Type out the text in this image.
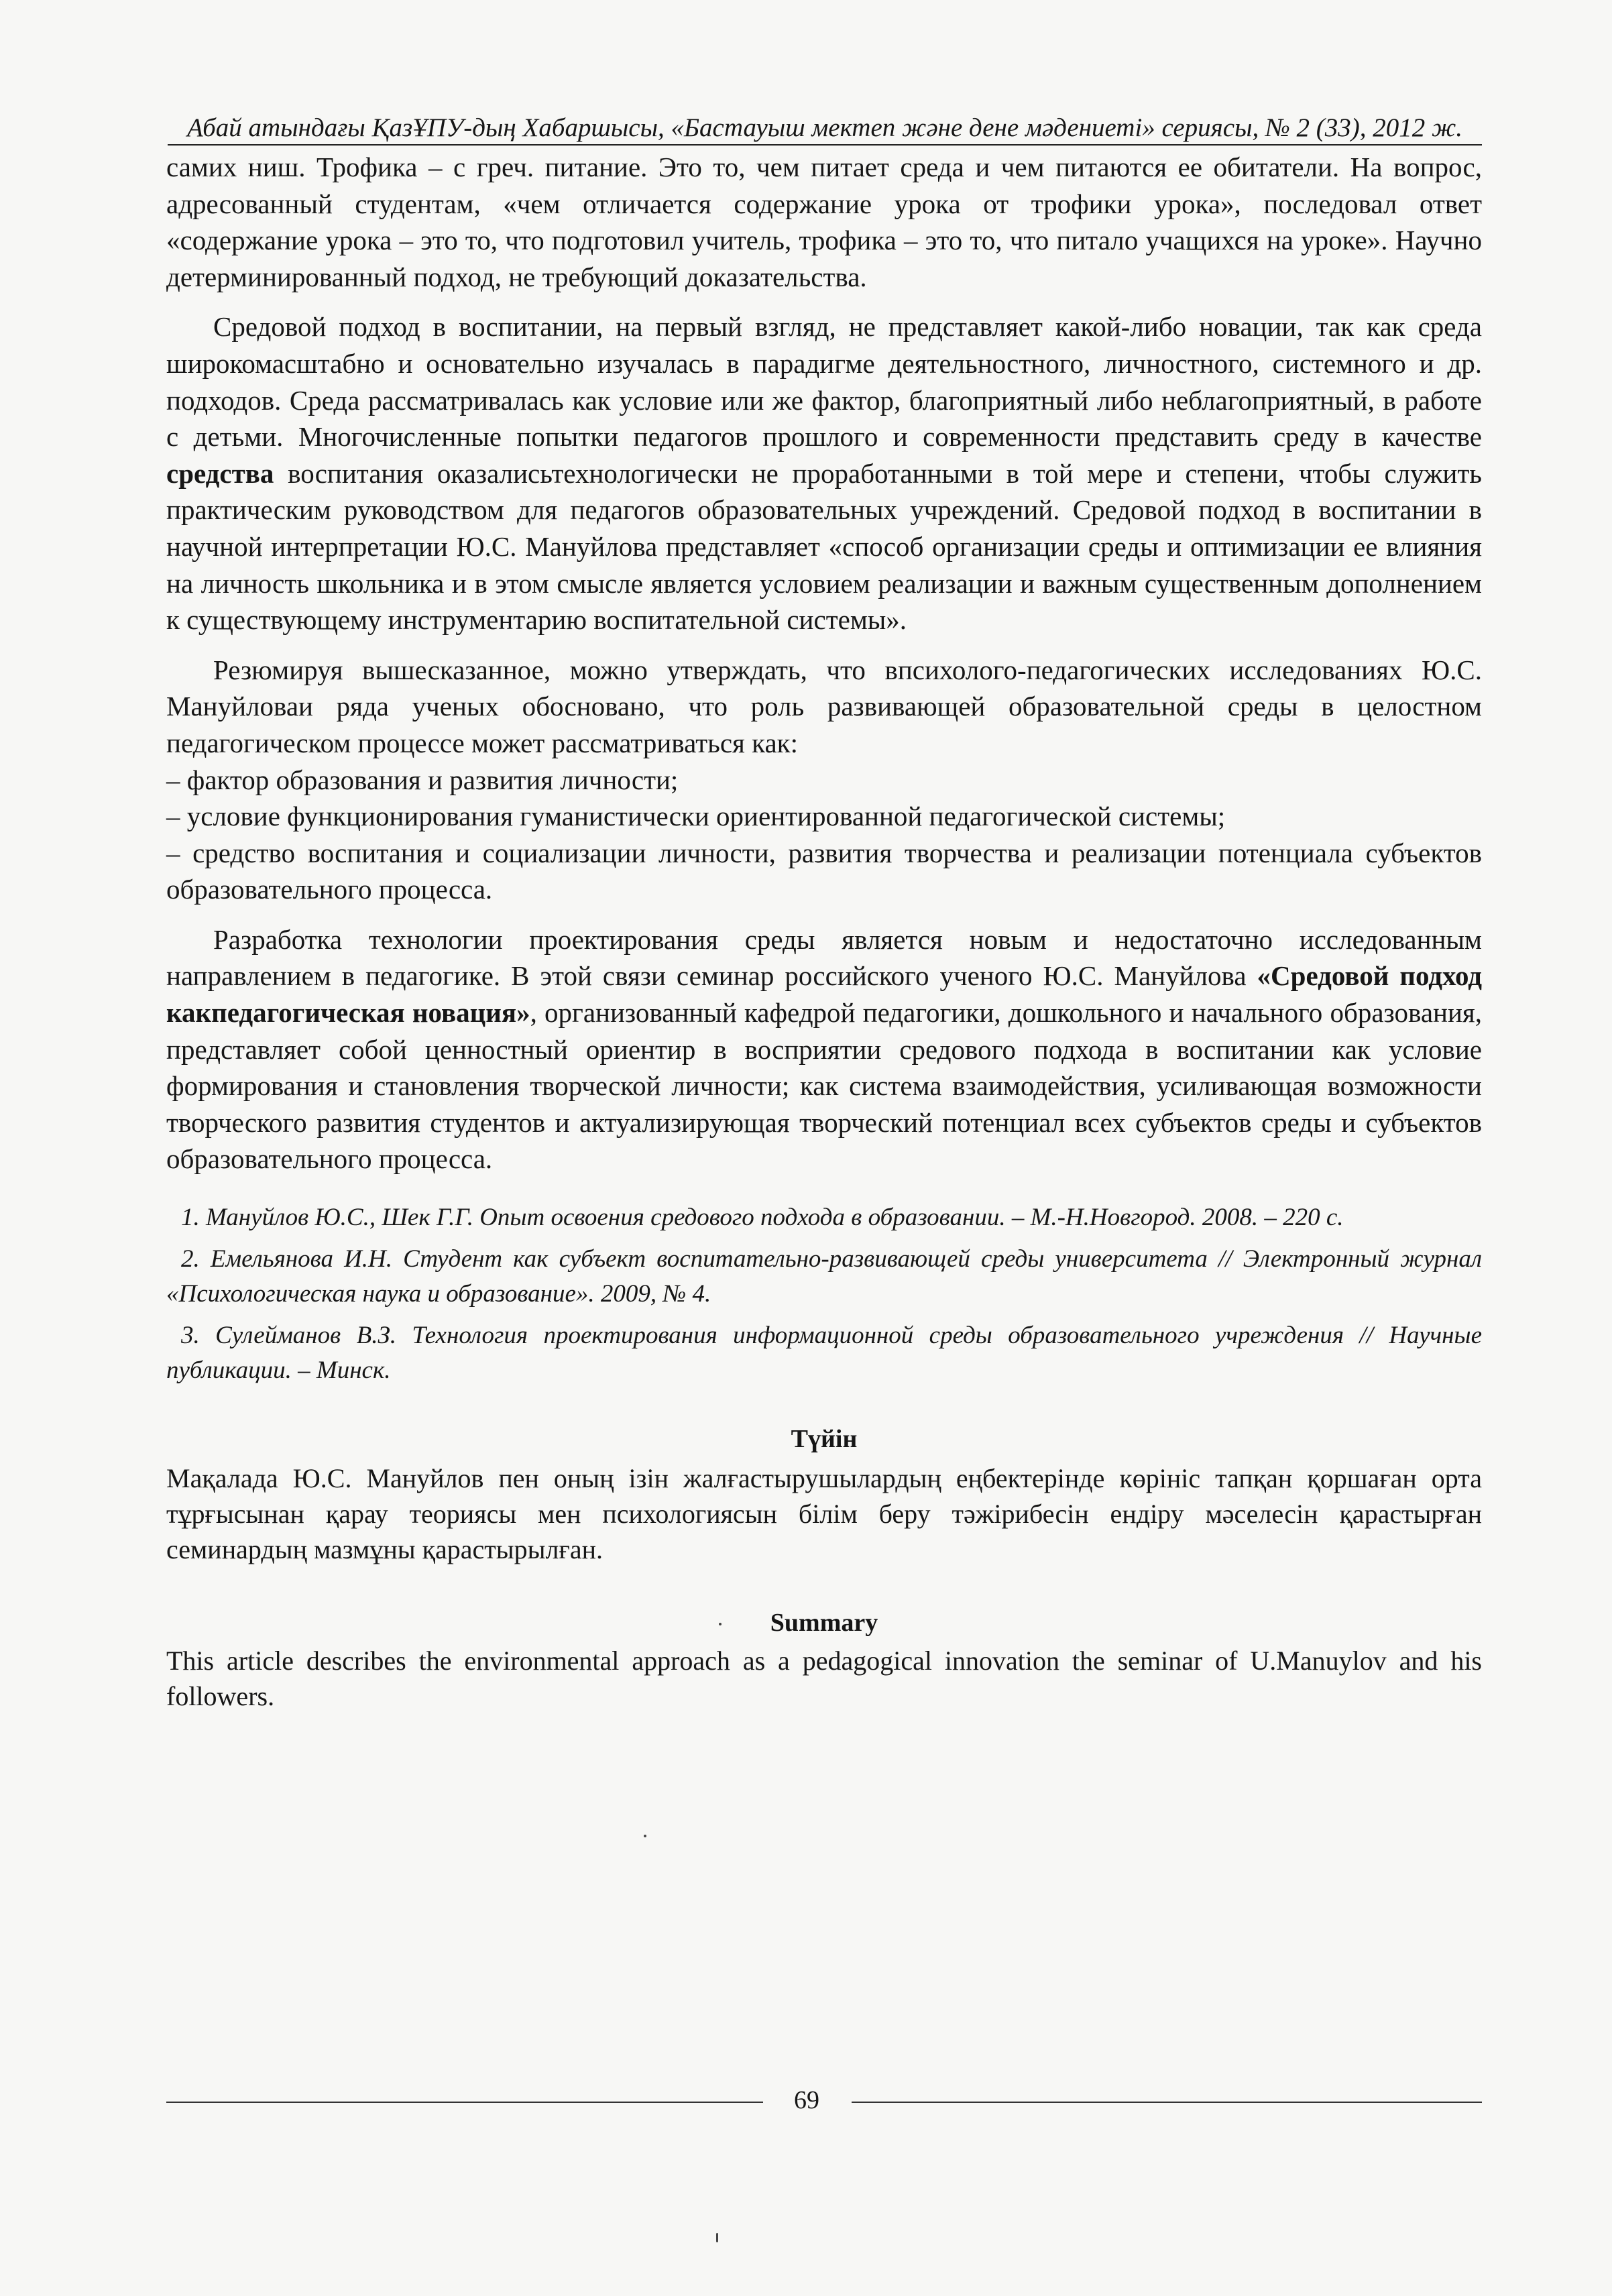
Абай атындағы ҚазҰПУ-дың Хабаршысы, «Бастауыш мектеп және дене мәдениеті» сериясы, № 2 (33), 2012 ж.

самих ниш. Трофика – с греч. питание. Это то, чем питает среда и чем питаются ее обитатели. На вопрос, адресованный студентам, «чем отличается содержание урока от трофики урока», последовал ответ «содержание урока – это то, что подготовил учитель, трофика – это то, что питало учащихся на уроке». Научно детерминированный подход, не требующий доказательства.

Средовой подход в воспитании, на первый взгляд, не представляет какой-либо новации, так как среда широкомасштабно и основательно изучалась в парадигме деятельностного, личностного, системного и др. подходов. Среда рассматривалась как условие или же фактор, благоприятный либо неблагоприятный, в работе с детьми. Многочисленные попытки педагогов прошлого и современности представить среду в качестве средства воспитания оказалисьтехнологически не проработанными в той мере и степени, чтобы служить практическим руководством для педагогов образовательных учреждений. Средовой подход в воспитании в научной интерпретации Ю.С. Мануйлова представляет «способ организации среды и оптимизации ее влияния на личность школьника и в этом смысле является условием реализации и важным существенным дополнением к существующему инструментарию воспитательной системы».

Резюмируя вышесказанное, можно утверждать, что впсихолого-педагогических исследованиях Ю.С. Мануйловаи ряда ученых обосновано, что роль развивающей образовательной среды в целостном педагогическом процессе может рассматриваться как:

– фактор образования и развития личности;

– условие функционирования гуманистически ориентированной педагогической системы;

– средство воспитания и социализации личности, развития творчества и реализации потенциала субъектов образовательного процесса.

Разработка технологии проектирования среды является новым и недостаточно исследованным направлением в педагогике. В этой связи семинар российского ученого Ю.С. Мануйлова «Средовой подход какпедагогическая новация», организованный кафедрой педагогики, дошкольного и начального образования, представляет собой ценностный ориентир в восприятии средового подхода в воспитании как условие формирования и становления творческой личности; как система взаимодействия, усиливающая возможности творческого развития студентов и актуализирующая творческий потенциал всех субъектов среды и субъектов образовательного процесса.

1. Мануйлов Ю.С., Шек Г.Г. Опыт освоения средового подхода в образовании. – М.-Н.Новгород. 2008. – 220 с.

2. Емельянова И.Н. Студент как субъект воспитательно-развивающей среды университета // Электронный журнал «Психологическая наука и образование». 2009, № 4.

3. Сулейманов В.З. Технология проектирования информационной среды образовательного учреждения // Научные публикации. – Минск.

Түйін

Мақалада Ю.С. Мануйлов пен оның ізін жалғастырушылардың еңбектерінде көрініс тапқан қоршаған орта тұрғысынан қарау теориясы мен психологиясын білім беру тәжірибесін ендіру мәселесін қарастырған семинардың мазмұны қарастырылған.

Summary

This article describes the environmental approach as a pedagogical innovation the seminar of U.Manuylov and his followers.

69
